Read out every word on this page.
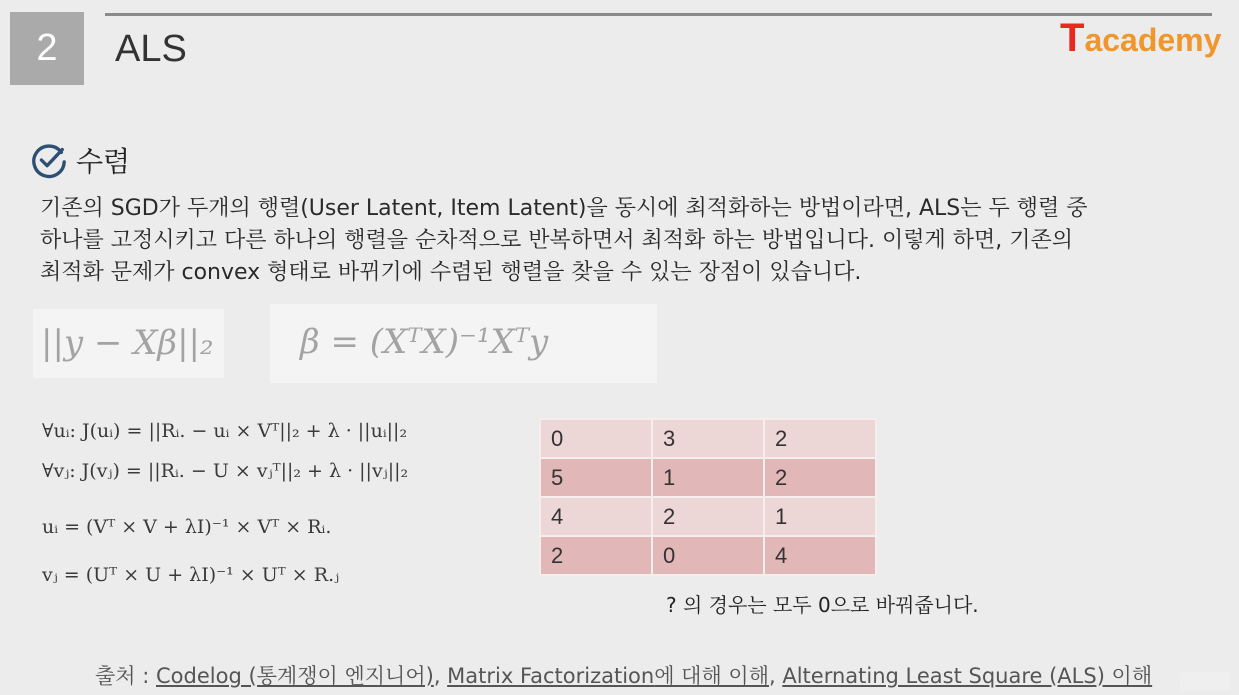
2	ALS	Tacademy
수렴
기존의 SGD가 두개의 행렬(User Latent, Item Latent)을 동시에 최적화하는 방법이라면, ALS는 두 행렬 중
하나를 고정시키고 다른 하나의 행렬을 순차적으로 반복하면서 최적화 하는 방법입니다. 이렇게 하면, 기존의
최적화 문제가 convex 형태로 바뀌기에 수렴된 행렬을 찾을 수 있는 장점이 있습니다.
||y − Xβ||₂	β = (XᵀX)⁻¹Xᵀy
∀uᵢ: J(uᵢ) = ||Rᵢ. − uᵢ × Vᵀ||₂ + λ · ||uᵢ||₂
∀vⱼ: J(vⱼ) = ||Rᵢ. − U × vⱼᵀ||₂ + λ · ||vⱼ||₂
uᵢ = (Vᵀ × V + λI)⁻¹ × Vᵀ × Rᵢ.
vⱼ = (Uᵀ × U + λI)⁻¹ × Uᵀ × R.ⱼ
0	3	2
5	1	2
4	2	1
2	0	4
? 의 경우는 모두 0으로 바꿔줍니다.
출처 : Codelog (통계쟁이 엔지니어), Matrix Factorization에 대해 이해, Alternating Least Square (ALS) 이해
